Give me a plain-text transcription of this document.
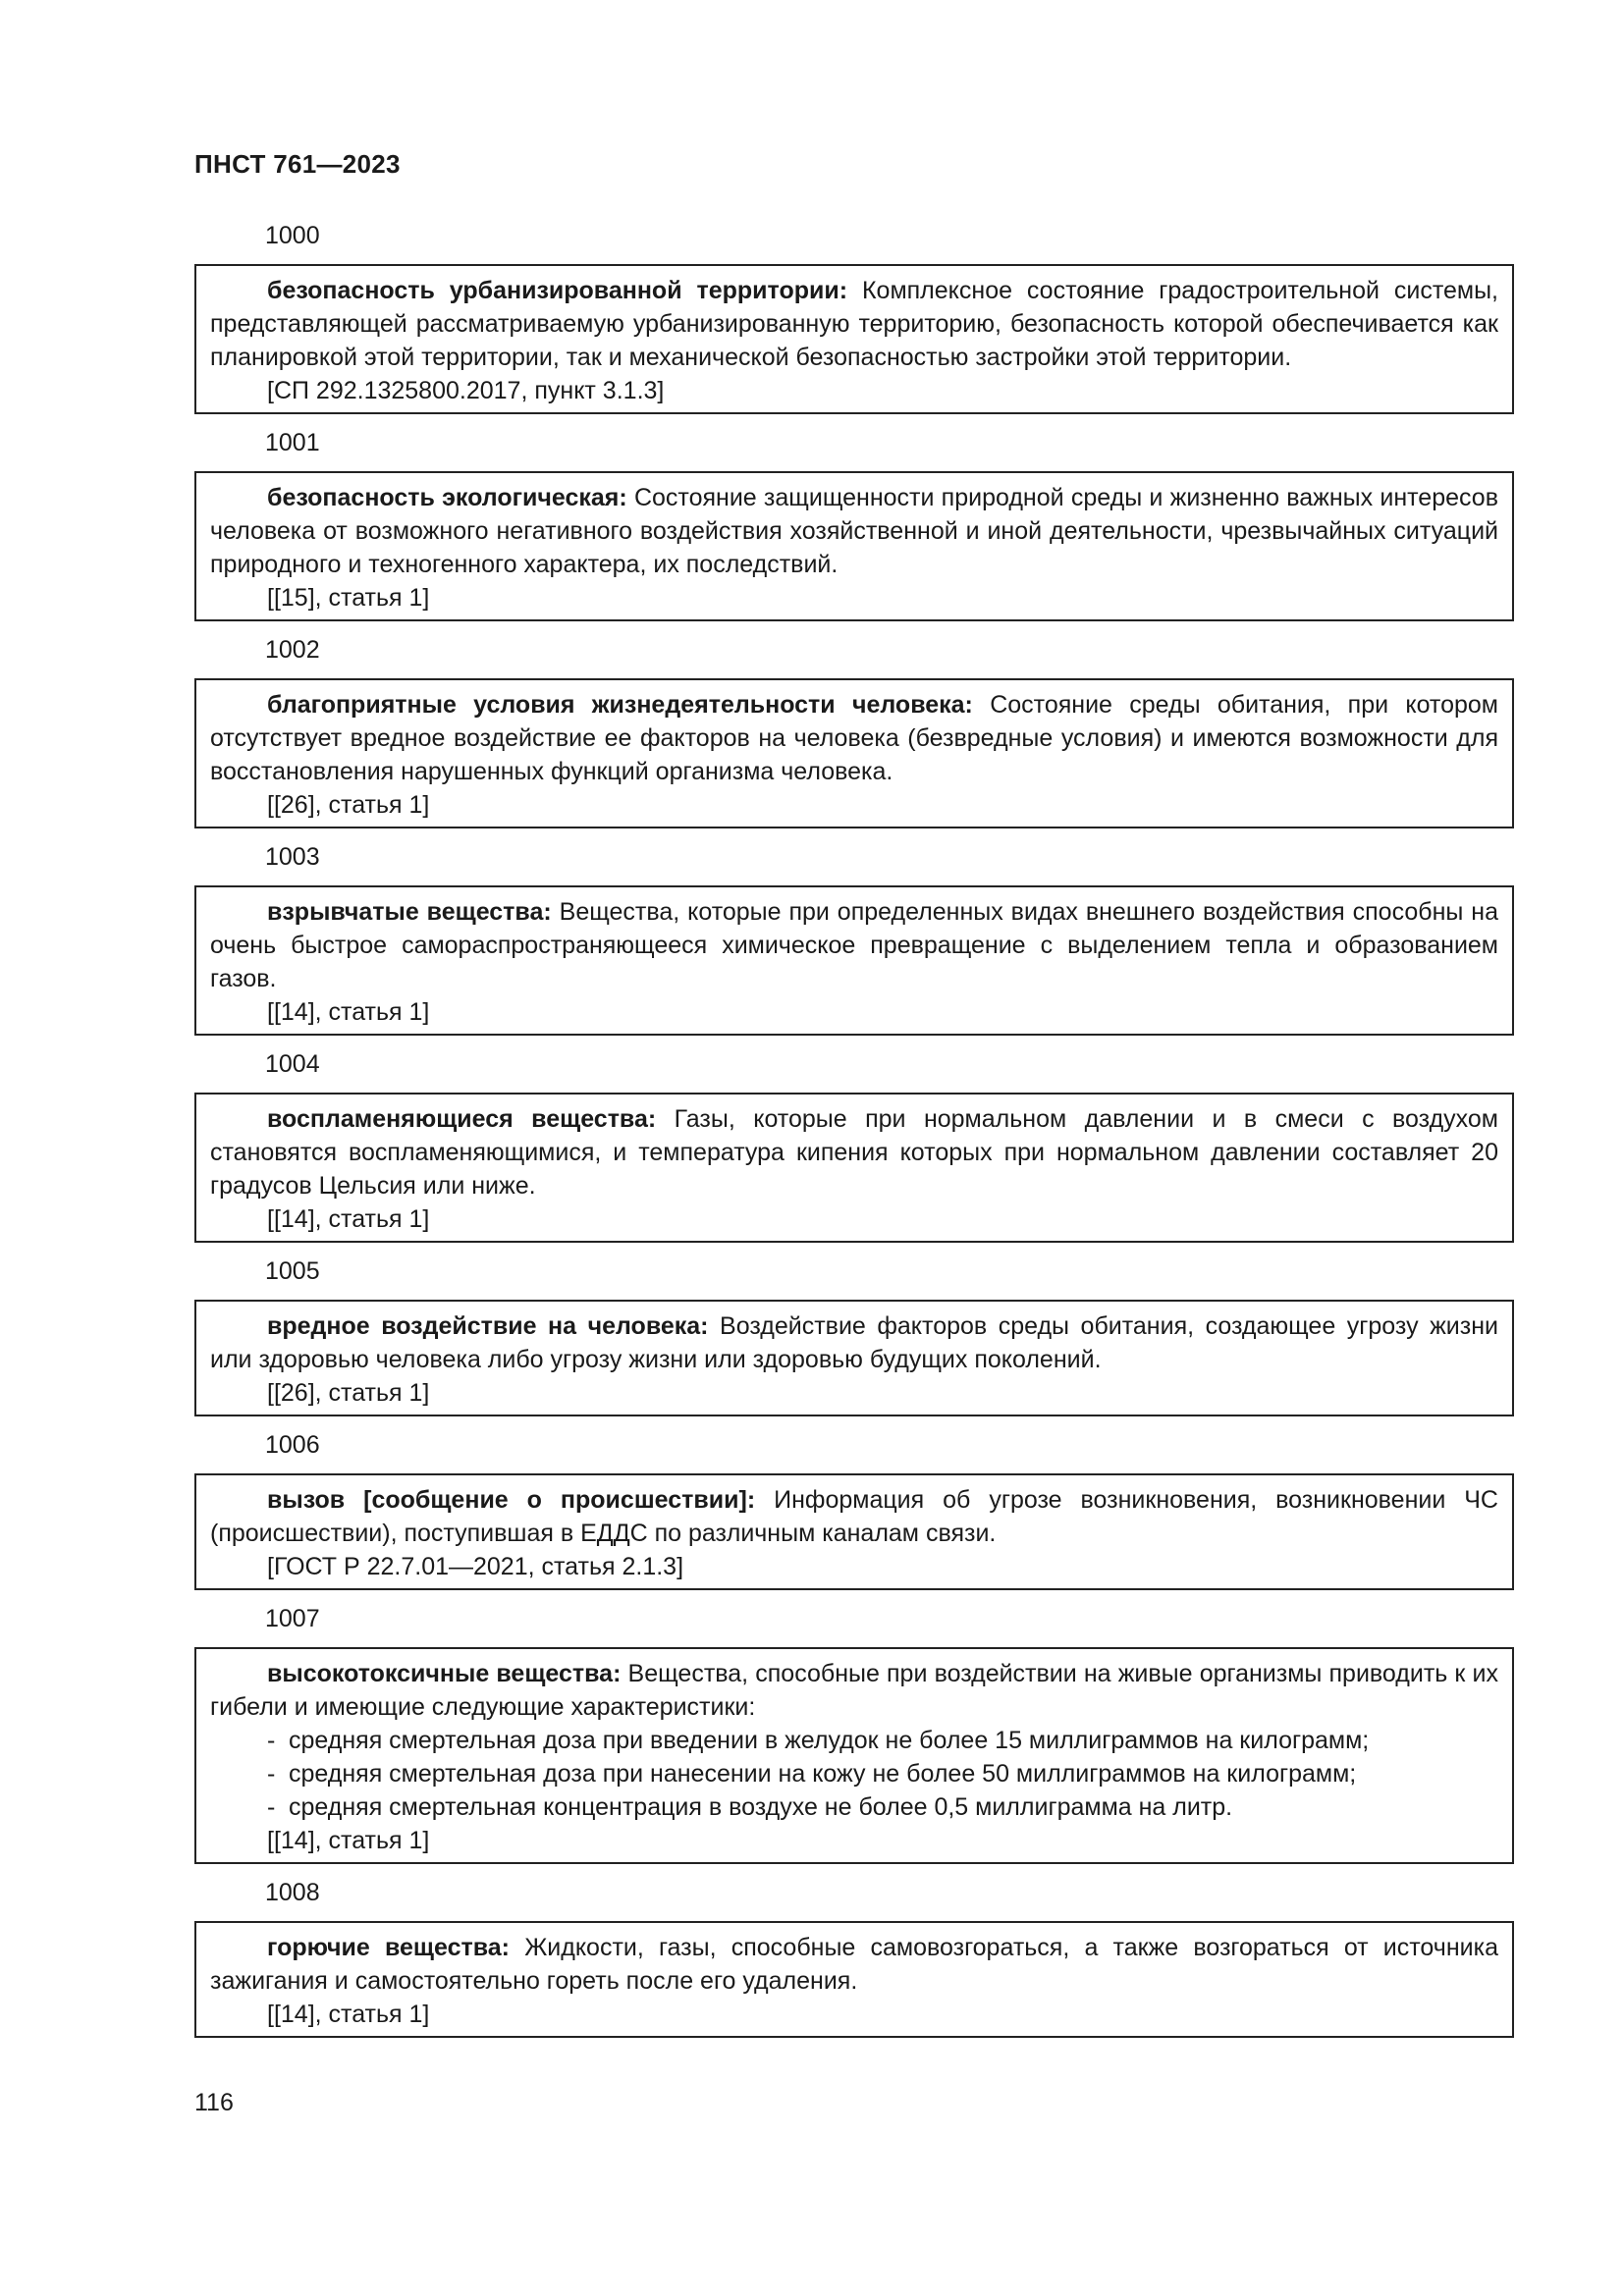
ПНСТ 761—2023
1000

безопасность урбанизированной территории: Комплексное состояние градостроительной системы, представляющей рассматриваемую урбанизированную территорию, безопасность которой обеспечивается как планировкой этой территории, так и механической безопасностью застройки этой территории.

[СП 292.1325800.2017, пункт 3.1.3]
1001

безопасность экологическая: Состояние защищенности природной среды и жизненно важных интересов человека от возможного негативного воздействия хозяйственной и иной деятельности, чрезвычайных ситуаций природного и техногенного характера, их последствий.

[[15], статья 1]
1002

благоприятные условия жизнедеятельности человека: Состояние среды обитания, при котором отсутствует вредное воздействие ее факторов на человека (безвредные условия) и имеются возможности для восстановления нарушенных функций организма человека.

[[26], статья 1]
1003

взрывчатые вещества: Вещества, которые при определенных видах внешнего воздействия способны на очень быстрое самораспространяющееся химическое превращение с выделением тепла и образованием газов.

[[14], статья 1]
1004

воспламеняющиеся вещества: Газы, которые при нормальном давлении и в смеси с воздухом становятся воспламеняющимися, и температура кипения которых при нормальном давлении составляет 20 градусов Цельсия или ниже.

[[14], статья 1]
1005

вредное воздействие на человека: Воздействие факторов среды обитания, создающее угрозу жизни или здоровью человека либо угрозу жизни или здоровью будущих поколений.

[[26], статья 1]
1006

вызов [сообщение о происшествии]: Информация об угрозе возникновения, возникновении ЧС (происшествии), поступившая в ЕДДС по различным каналам связи.

[ГОСТ Р 22.7.01—2021, статья 2.1.3]
1007

высокотоксичные вещества: Вещества, способные при воздействии на живые организмы приводить к их гибели и имеющие следующие характеристики:

- средняя смертельная доза при введении в желудок не более 15 миллиграммов на килограмм;
- средняя смертельная доза при нанесении на кожу не более 50 миллиграммов на килограмм;
- средняя смертельная концентрация в воздухе не более 0,5 миллиграмма на литр.
[[14], статья 1]
1008

горючие вещества: Жидкости, газы, способные самовозгораться, а также возгораться от источника зажигания и самостоятельно гореть после его удаления.

[[14], статья 1]
116
